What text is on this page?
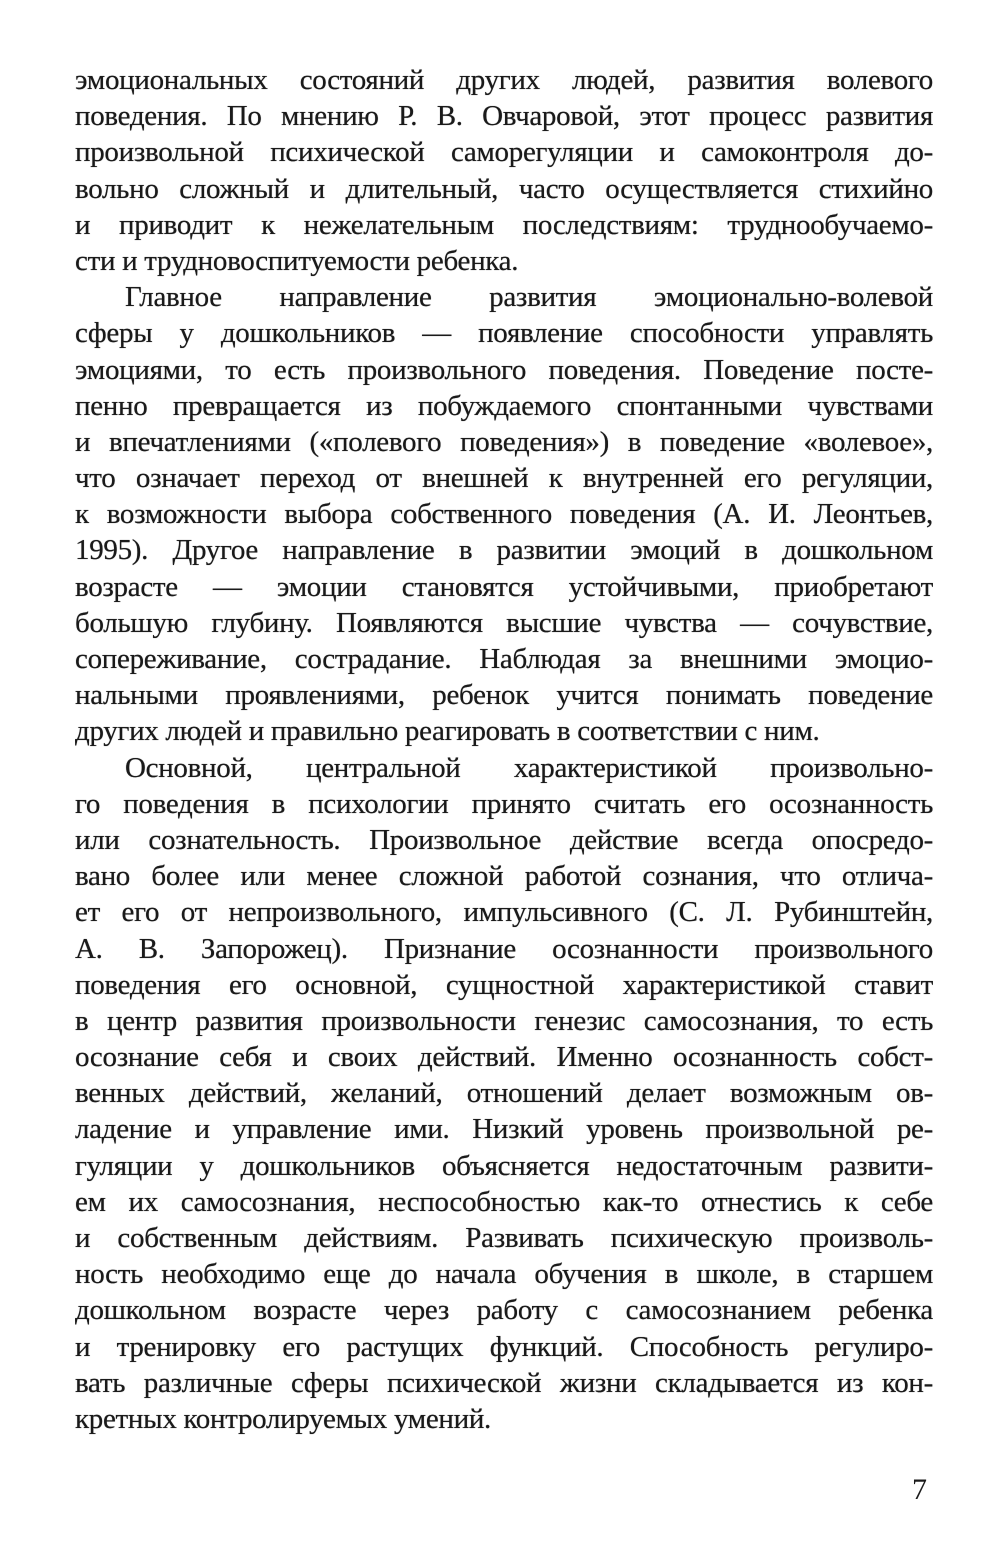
эмоциональных состояний других людей, развития волевого
поведения. По мнению Р. В. Овчаровой, этот процесс развития
произвольной психической саморегуляции и самоконтроля до-
вольно сложный и длительный, часто осуществляется стихийно
и приводит к нежелательным последствиям: труднообучаемо-
сти и трудновоспитуемости ребенка.
Главное направление развития эмоционально-волевой
сферы у дошкольников — появление способности управлять
эмоциями, то есть произвольного поведения. Поведение посте-
пенно превращается из побуждаемого спонтанными чувствами
и впечатлениями («полевого поведения») в поведение «волевое»,
что означает переход от внешней к внутренней его регуляции,
к возможности выбора собственного поведения (А. И. Леонтьев,
1995). Другое направление в развитии эмоций в дошкольном
возрасте — эмоции становятся устойчивыми, приобретают
большую глубину. Появляются высшие чувства — сочувствие,
сопереживание, сострадание. Наблюдая за внешними эмоцио-
нальными проявлениями, ребенок учится понимать поведение
других людей и правильно реагировать в соответствии с ним.
Основной, центральной характеристикой произвольно-
го поведения в психологии принято считать его осознанность
или сознательность. Произвольное действие всегда опосредо-
вано более или менее сложной работой сознания, что отлича-
ет его от непроизвольного, импульсивного (С. Л. Рубинштейн,
А. В. Запорожец). Признание осознанности произвольного
поведения его основной, сущностной характеристикой ставит
в центр развития произвольности генезис самосознания, то есть
осознание себя и своих действий. Именно осознанность собст-
венных действий, желаний, отношений делает возможным ов-
ладение и управление ими. Низкий уровень произвольной ре-
гуляции у дошкольников объясняется недостаточным развити-
ем их самосознания, неспособностью как-то отнестись к себе
и собственным действиям. Развивать психическую произволь-
ность необходимо еще до начала обучения в школе, в старшем
дошкольном возрасте через работу с самосознанием ребенка
и тренировку его растущих функций. Способность регулиро-
вать различные сферы психической жизни складывается из кон-
кретных контролируемых умений.
7
